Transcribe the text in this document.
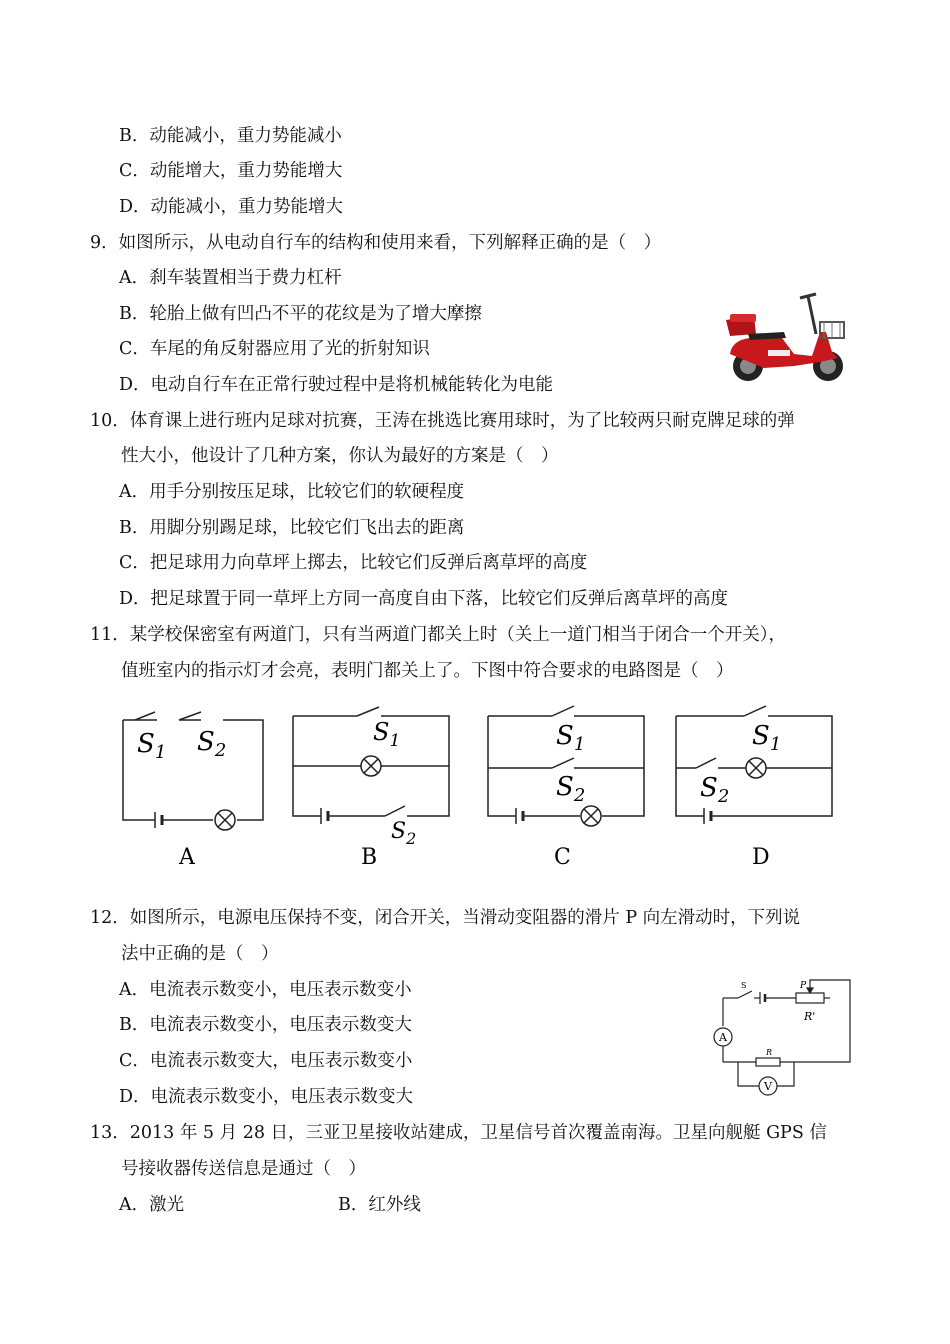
B．动能减小，重力势能减小
C．动能增大，重力势能增大
D．动能减小，重力势能增大
9．如图所示，从电动自行车的结构和使用来看，下列解释正确的是（　）
A．刹车装置相当于费力杠杆
B．轮胎上做有凹凸不平的花纹是为了增大摩擦
C．车尾的角反射器应用了光的折射知识
D．电动自行车在正常行驶过程中是将机械能转化为电能
10．体育课上进行班内足球对抗赛，王涛在挑选比赛用球时，为了比较两只耐克牌足球的弹
性大小，他设计了几种方案，你认为最好的方案是（　）
A．用手分别按压足球，比较它们的软硬程度
B．用脚分别踢足球，比较它们飞出去的距离
C．把足球用力向草坪上掷去，比较它们反弹后离草坪的高度
D．把足球置于同一草坪上方同一高度自由下落，比较它们反弹后离草坪的高度
11．某学校保密室有两道门，只有当两道门都关上时（关上一道门相当于闭合一个开关），
值班室内的指示灯才会亮，表明门都关上了。下图中符合要求的电路图是（　）
$S_1$ $S_2$
A
$S_1$
$S_2$
B
$S_1$
$S_2$
C
$S_1$
$S_2$
D
12．如图所示，电源电压保持不变，闭合开关，当滑动变阻器的滑片 P 向左滑动时，下列说
法中正确的是（　）
A．电流表示数变小，电压表示数变小
B．电流表示数变小，电压表示数变大
C．电流表示数变大，电压表示数变小
D．电流表示数变小，电压表示数变大
P
R'
S
A
R
V
13．2013 年 5 月 28 日，三亚卫星接收站建成，卫星信号首次覆盖南海。卫星向舰艇 GPS 信
号接收器传送信息是通过（　）
A．激光	B．红外线
